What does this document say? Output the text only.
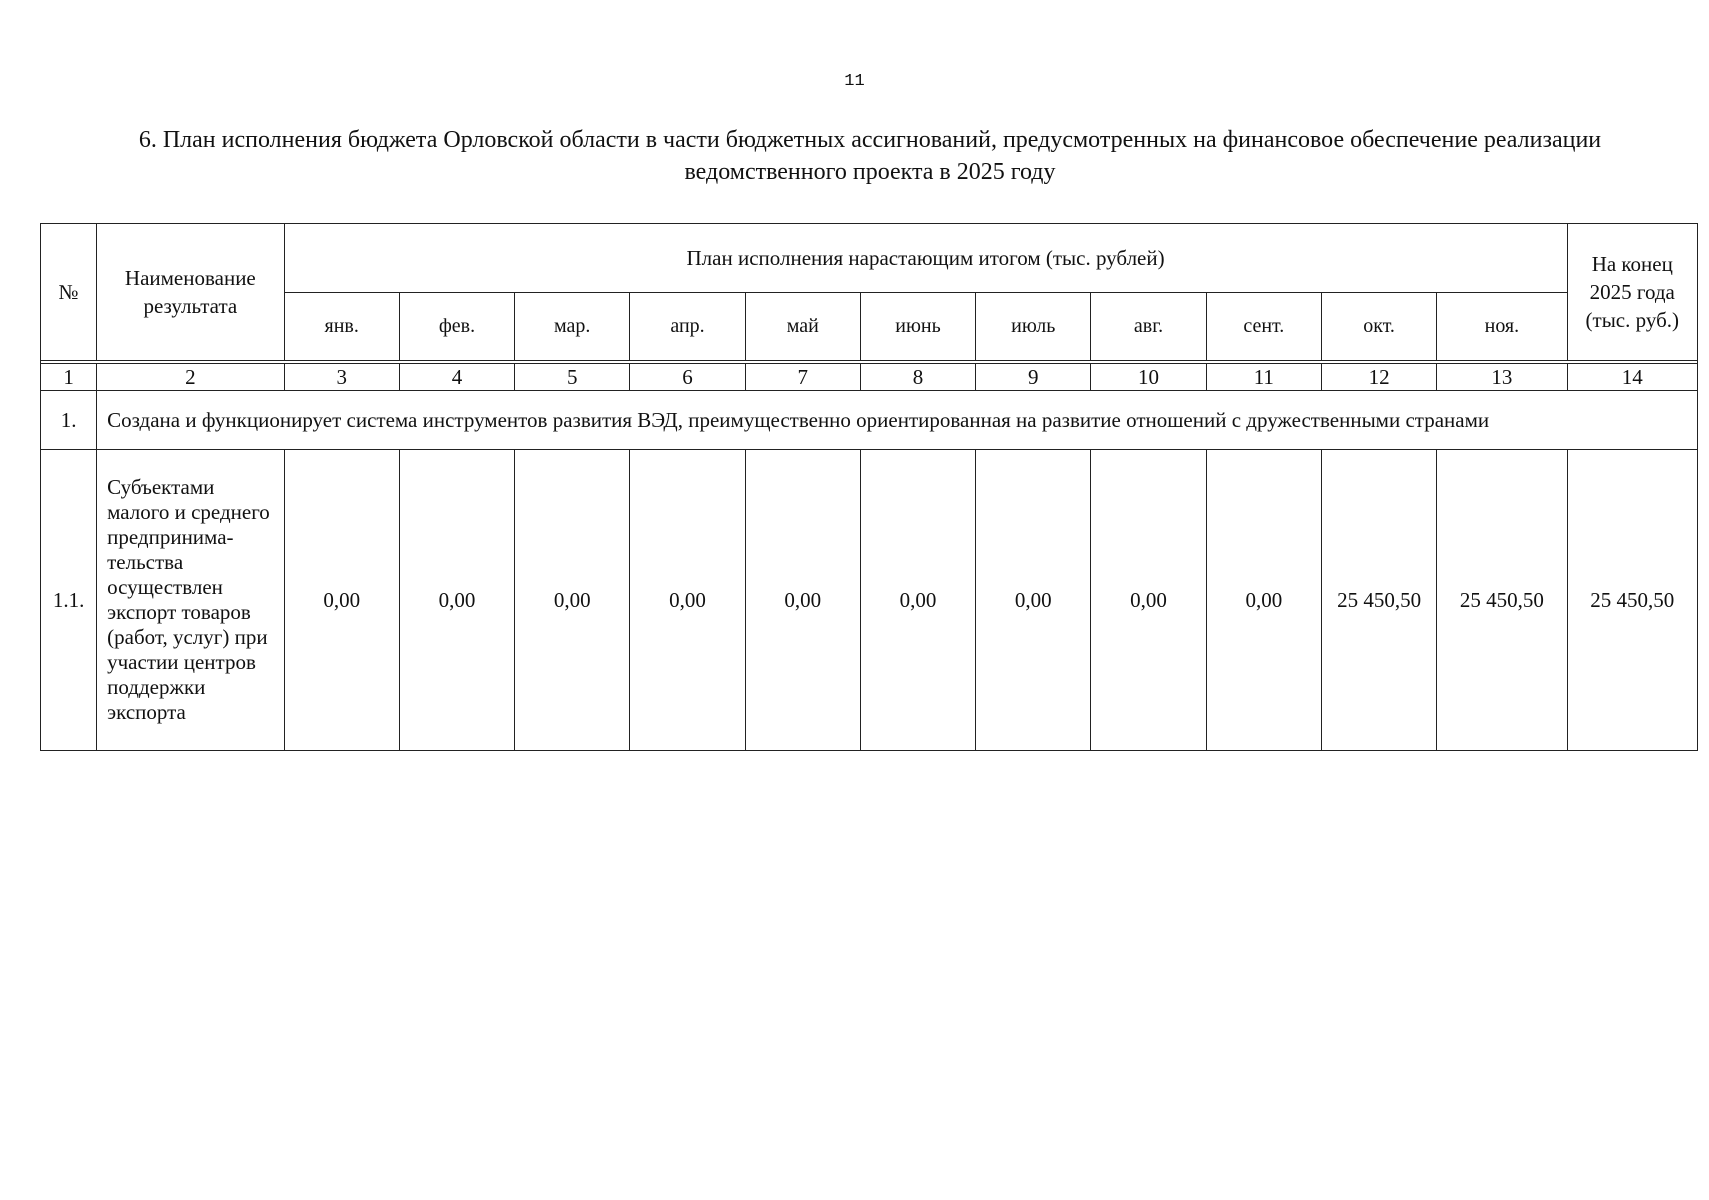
11
6. План исполнения бюджета Орловской области в части бюджетных ассигнований, предусмотренных на финансовое обеспечение реализации ведомственного проекта в 2025 году
№	Наименование результата	План исполнения нарастающим итогом (тыс. рублей)											На конец 2025 года (тыс. руб.)
		янв.	фев.	мар.	апр.	май	июнь	июль	авг.	сент.	окт.	ноя.	

1	2	3	4	5	6	7	8	9	10	11	12	13	14
1.	Создана и функционирует система инструментов развития ВЭД, преимущественно ориентированная на развитие отношений с дружественными странами												
1.1.	Субъектами малого и среднего предпринима-тельства осуществлен экспорт товаров (работ, услуг) при участии центров поддержки экспорта	0,00	0,00	0,00	0,00	0,00	0,00	0,00	0,00	0,00	25 450,50	25 450,50	25 450,50
